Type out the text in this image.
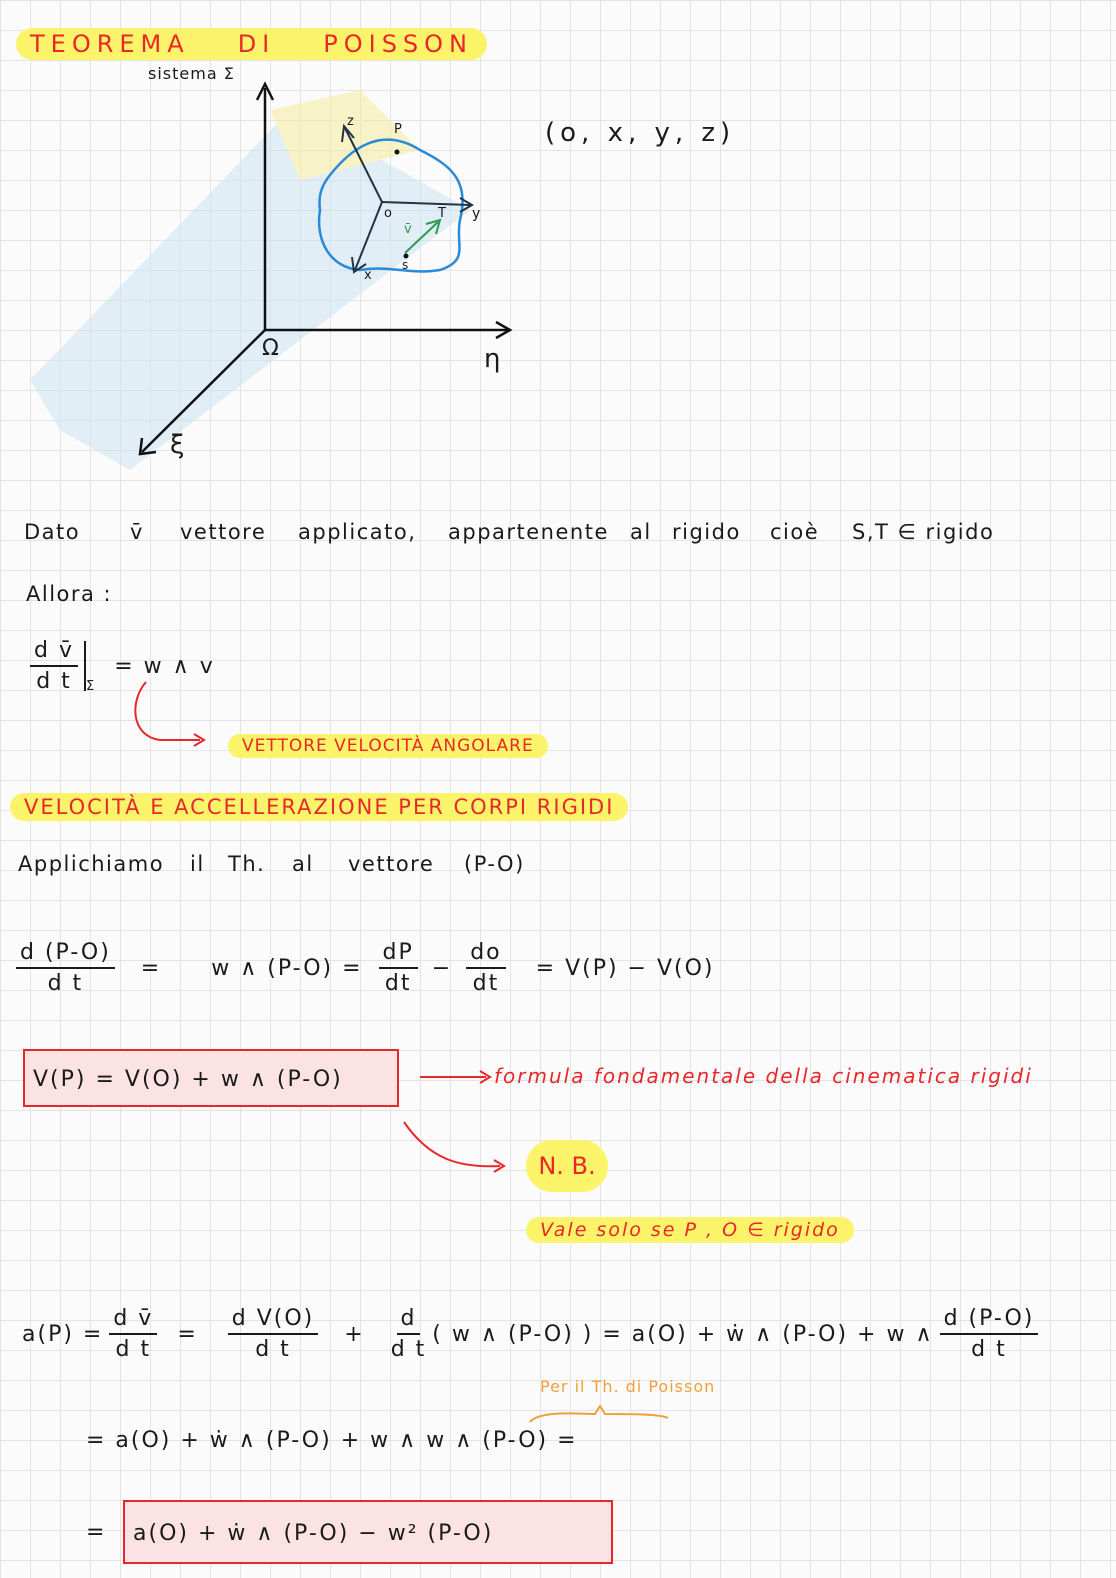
TEOREMA DI POISSON
sistema Σ
(o, x, y, z)
η
ξ
Ω
z
P
o	y
x
v̄
T
s
Dato	v̄	vettore	applicato,	appartenente	al rigido	cioè	S,T ∈ rigido
Allora :
$\frac{\text{d v̄}}{\text{d t}}$ Σ
= w ∧ v
VETTORE VELOCITÀ ANGOLARE
VELOCITÀ E ACCELLERAZIONE PER CORPI RIGIDI
Applichiamo	il	Th.	al	vettore	(P-O)
$\frac{d (P-O)}{\text{d t}} = w$ ∧ $(P-O) = \frac{dP}{dt} - \frac{do}{dt} = V(P) - V(O)$
V(P) = V(O) + w ∧ (P-O)	formula fondamentale della cinematica rigidi
N. B.
Vale solo se P , O ∈ rigido
$a(P) = \frac{\text{d v̄}}{\text{d t}} = \frac{\text{d V(O)}}{\text{d t}} + \frac{d}{\text{d t}}$ ( w ∧ (P-O) ) = a(O) + ẇ ∧ (P-O) + w ∧ $\frac{d (P-O)}{\text{d t}}$
Per il Th. di Poisson
= a(O) + ẇ ∧ (P-O) + w ∧ w ∧ (P-O) =
=	a(O) + ẇ ∧ (P-O) − w² (P-O)
